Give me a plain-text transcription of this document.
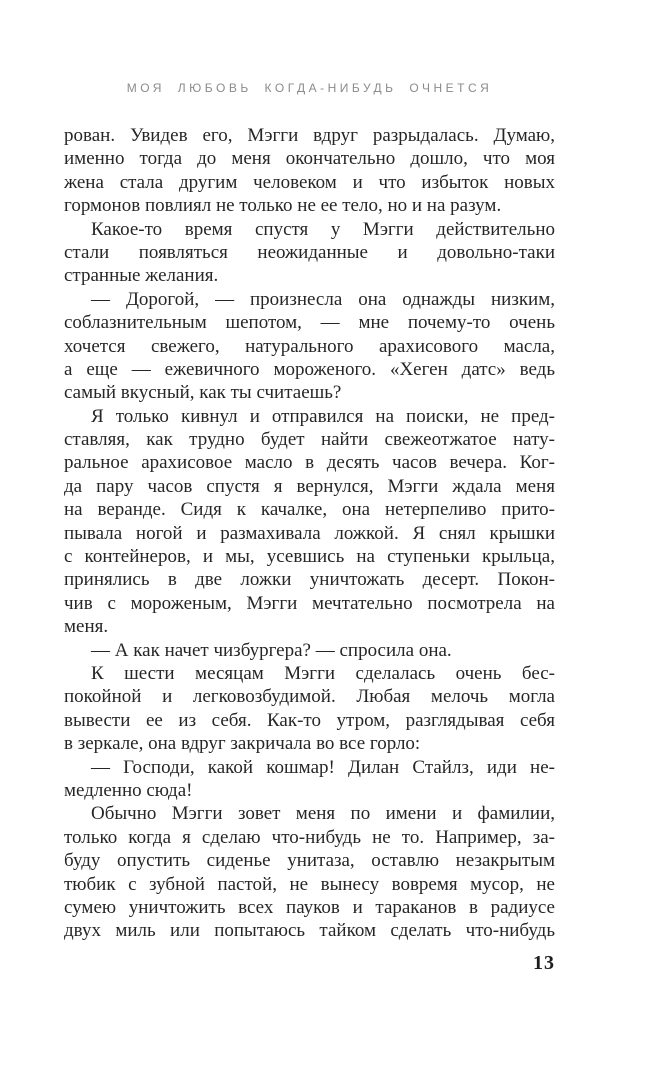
МОЯ ЛЮБОВЬ КОГДА-НИБУДЬ ОЧНЕТСЯ

рован. Увидев его, Мэгги вдруг разрыдалась. Думаю,
именно тогда до меня окончательно дошло, что моя
жена стала другим человеком и что избыток новых
гормонов повлиял не только не ее тело, но и на разум.

Какое-то время спустя у Мэгги действительно
стали появляться неожиданные и довольно-таки
странные желания.

— Дорогой, — произнесла она однажды низким,
соблазнительным шепотом, — мне почему-то очень
хочется свежего, натурального арахисового масла,
а еще — ежевичного мороженого. «Хеген датс» ведь
самый вкусный, как ты считаешь?

Я только кивнул и отправился на поиски, не пред-
ставляя, как трудно будет найти свежеотжатое нату-
ральное арахисовое масло в десять часов вечера. Ког-
да пару часов спустя я вернулся, Мэгги ждала меня
на веранде. Сидя к качалке, она нетерпеливо прито-
пывала ногой и размахивала ложкой. Я снял крышки
с контейнеров, и мы, усевшись на ступеньки крыльца,
принялись в две ложки уничтожать десерт. Покон-
чив с мороженым, Мэгги мечтательно посмотрела на
меня.

— А как начет чизбургера? — спросила она.

К шести месяцам Мэгги сделалась очень бес-
покойной и легковозбудимой. Любая мелочь могла
вывести ее из себя. Как-то утром, разглядывая себя
в зеркале, она вдруг закричала во все горло:

— Господи, какой кошмар! Дилан Стайлз, иди не-
медленно сюда!

Обычно Мэгги зовет меня по имени и фамилии,
только когда я сделаю что-нибудь не то. Например, за-
буду опустить сиденье унитаза, оставлю незакрытым
тюбик с зубной пастой, не вынесу вовремя мусор, не
сумею уничтожить всех пауков и тараканов в радиусе
двух миль или попытаюсь тайком сделать что-нибудь

13
